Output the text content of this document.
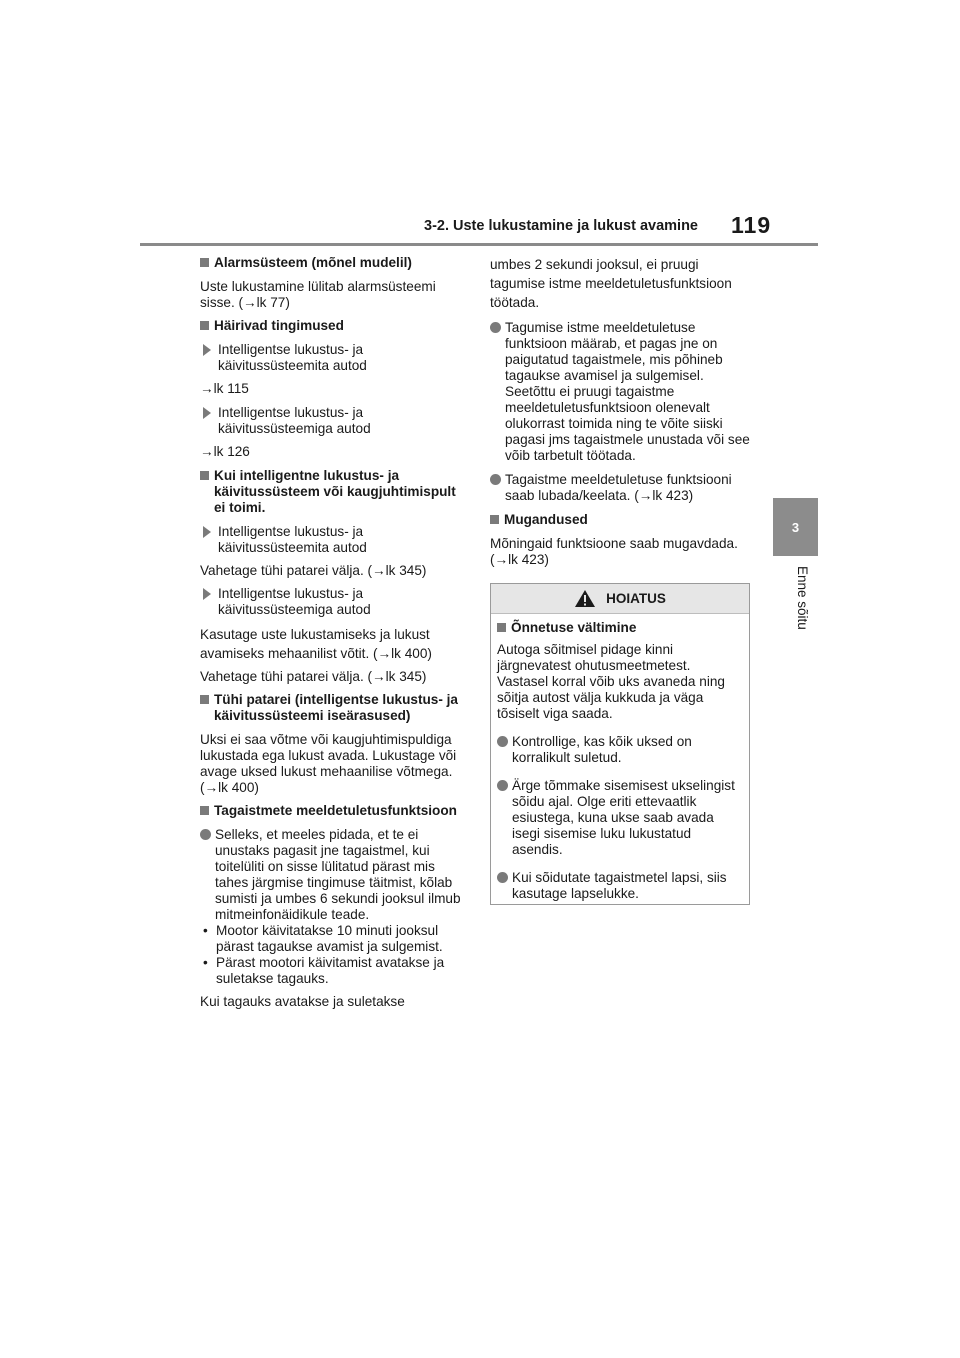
3-2. Uste lukustamine ja lukust avamine 119
3
Enne sõitu
Alarmsüsteem (mõnel mudelil)

Uste lukustamine lülitab alarmsüsteemi sisse. (→lk 77)

Häirivad tingimused
Intelligentse lukustus- ja käivitussüsteemita autod

→lk 115

Intelligentse lukustus- ja käivitussüsteemiga autod

→lk 126

Kui intelligentne lukustus- ja käivitussüsteem või kaugjuhtimispult ei toimi.
Intelligentse lukustus- ja käivitussüsteemita autod

Vahetage tühi patarei välja. (→lk 345)

Intelligentse lukustus- ja käivitussüsteemiga autod

Kasutage uste lukustamiseks ja lukust avamiseks mehaanilist võtit. (→lk 400)

Vahetage tühi patarei välja. (→lk 345)

Tühi patarei (intelligentse lukustus- ja käivitussüsteemi iseärasused)

Uksi ei saa võtme või kaugjuhtimispuldiga lukustada ega lukust avada. Lukustage või avage uksed lukust mehaanilise võtmega. (→lk 400)

Tagaistmete meeldetuletusfunktsioon
Selleks, et meeles pidada, et te ei unustaks pagasit jne tagaistmel, kui toitelüliti on sisse lülitatud pärast mis tahes järgmise tingimuse täitmist, kõlab sumisti ja umbes 6 sekundi jooksul ilmub mitmeinfonäidikule teade.
• Mootor käivitatakse 10 minuti jooksul pärast tagaukse avamist ja sulgemist.
• Pärast mootori käivitamist avatakse ja suletakse tagauks.

Kui tagauks avatakse ja suletakse

umbes 2 sekundi jooksul, ei pruugi tagumise istme meeldetuletusfunktsioon töötada.

Tagumise istme meeldetuletuse funktsioon määrab, et pagas jne on paigutatud tagaistmele, mis põhineb tagaukse avamisel ja sulgemisel. Seetõttu ei pruugi tagaistme meeldetuletusfunktsioon olenevalt olukorrast toimida ning te võite siiski pagasi jms tagaistmele unustada või see võib tarbetult töötada.
Tagaistme meeldetuletuse funktsiooni saab lubada/keelata. (→lk 423)
Mugandused

Mõningaid funktsioone saab mugavdada. (→lk 423)

HOIATUS
Õnnetuse vältimine

Autoga sõitmisel pidage kinni järgnevatest ohutusmeetmetest. Vastasel korral võib uks avaneda ning sõitja autost välja kukkuda ja väga tõsiselt viga saada.

Kontrollige, kas kõik uksed on korralikult suletud.
Ärge tõmmake sisemisest ukselingist sõidu ajal. Olge eriti ettevaatlik esiustega, kuna ukse saab avada isegi sisemise luku lukustatud asendis.
Kui sõidutate tagaistmetel lapsi, siis kasutage lapselukke.
